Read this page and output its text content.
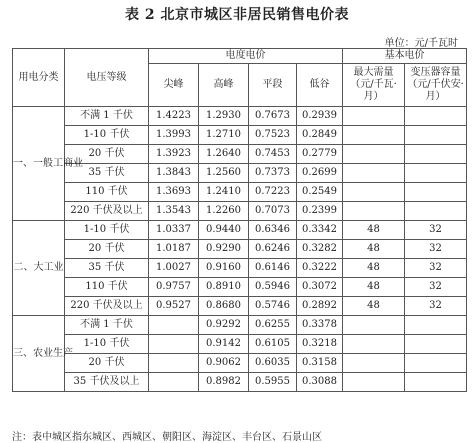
表 2 北京市城区非居民销售电价表
单位：元/千瓦时
用电分类	电压等级	电度电价				基本电价	
		尖峰	高峰	平段	低谷	最大需量（元/千瓦·月）	变压器容量（元/千伏安·月）
一、一般工商业	不满 1 千伏	1.4223	1.2930	0.7673	0.2939		
	1-10 千伏	1.3993	1.2710	0.7523	0.2849		
	20 千伏	1.3923	1.2640	0.7453	0.2779		
	35 千伏	1.3843	1.2560	0.7373	0.2699		
	110 千伏	1.3693	1.2410	0.7223	0.2549		
	220 千伏及以上	1.3543	1.2260	0.7073	0.2399		
二、大工业	1-10 千伏	1.0337	0.9440	0.6346	0.3342	48	32
	20 千伏	1.0187	0.9290	0.6246	0.3282	48	32
	35 千伏	1.0027	0.9160	0.6146	0.3222	48	32
	110 千伏	0.9757	0.8910	0.5946	0.3072	48	32
	220 千伏及以上	0.9527	0.8680	0.5746	0.2892	48	32
三、农业生产	不满 1 千伏		0.9292	0.6255	0.3378		
	1-10 千伏		0.9142	0.6105	0.3218		
	20 千伏		0.9062	0.6035	0.3158		
	35 千伏及以上		0.8982	0.5955	0.3088		
注：表中城区指东城区、西城区、朝阳区、海淀区、丰台区、石景山区
